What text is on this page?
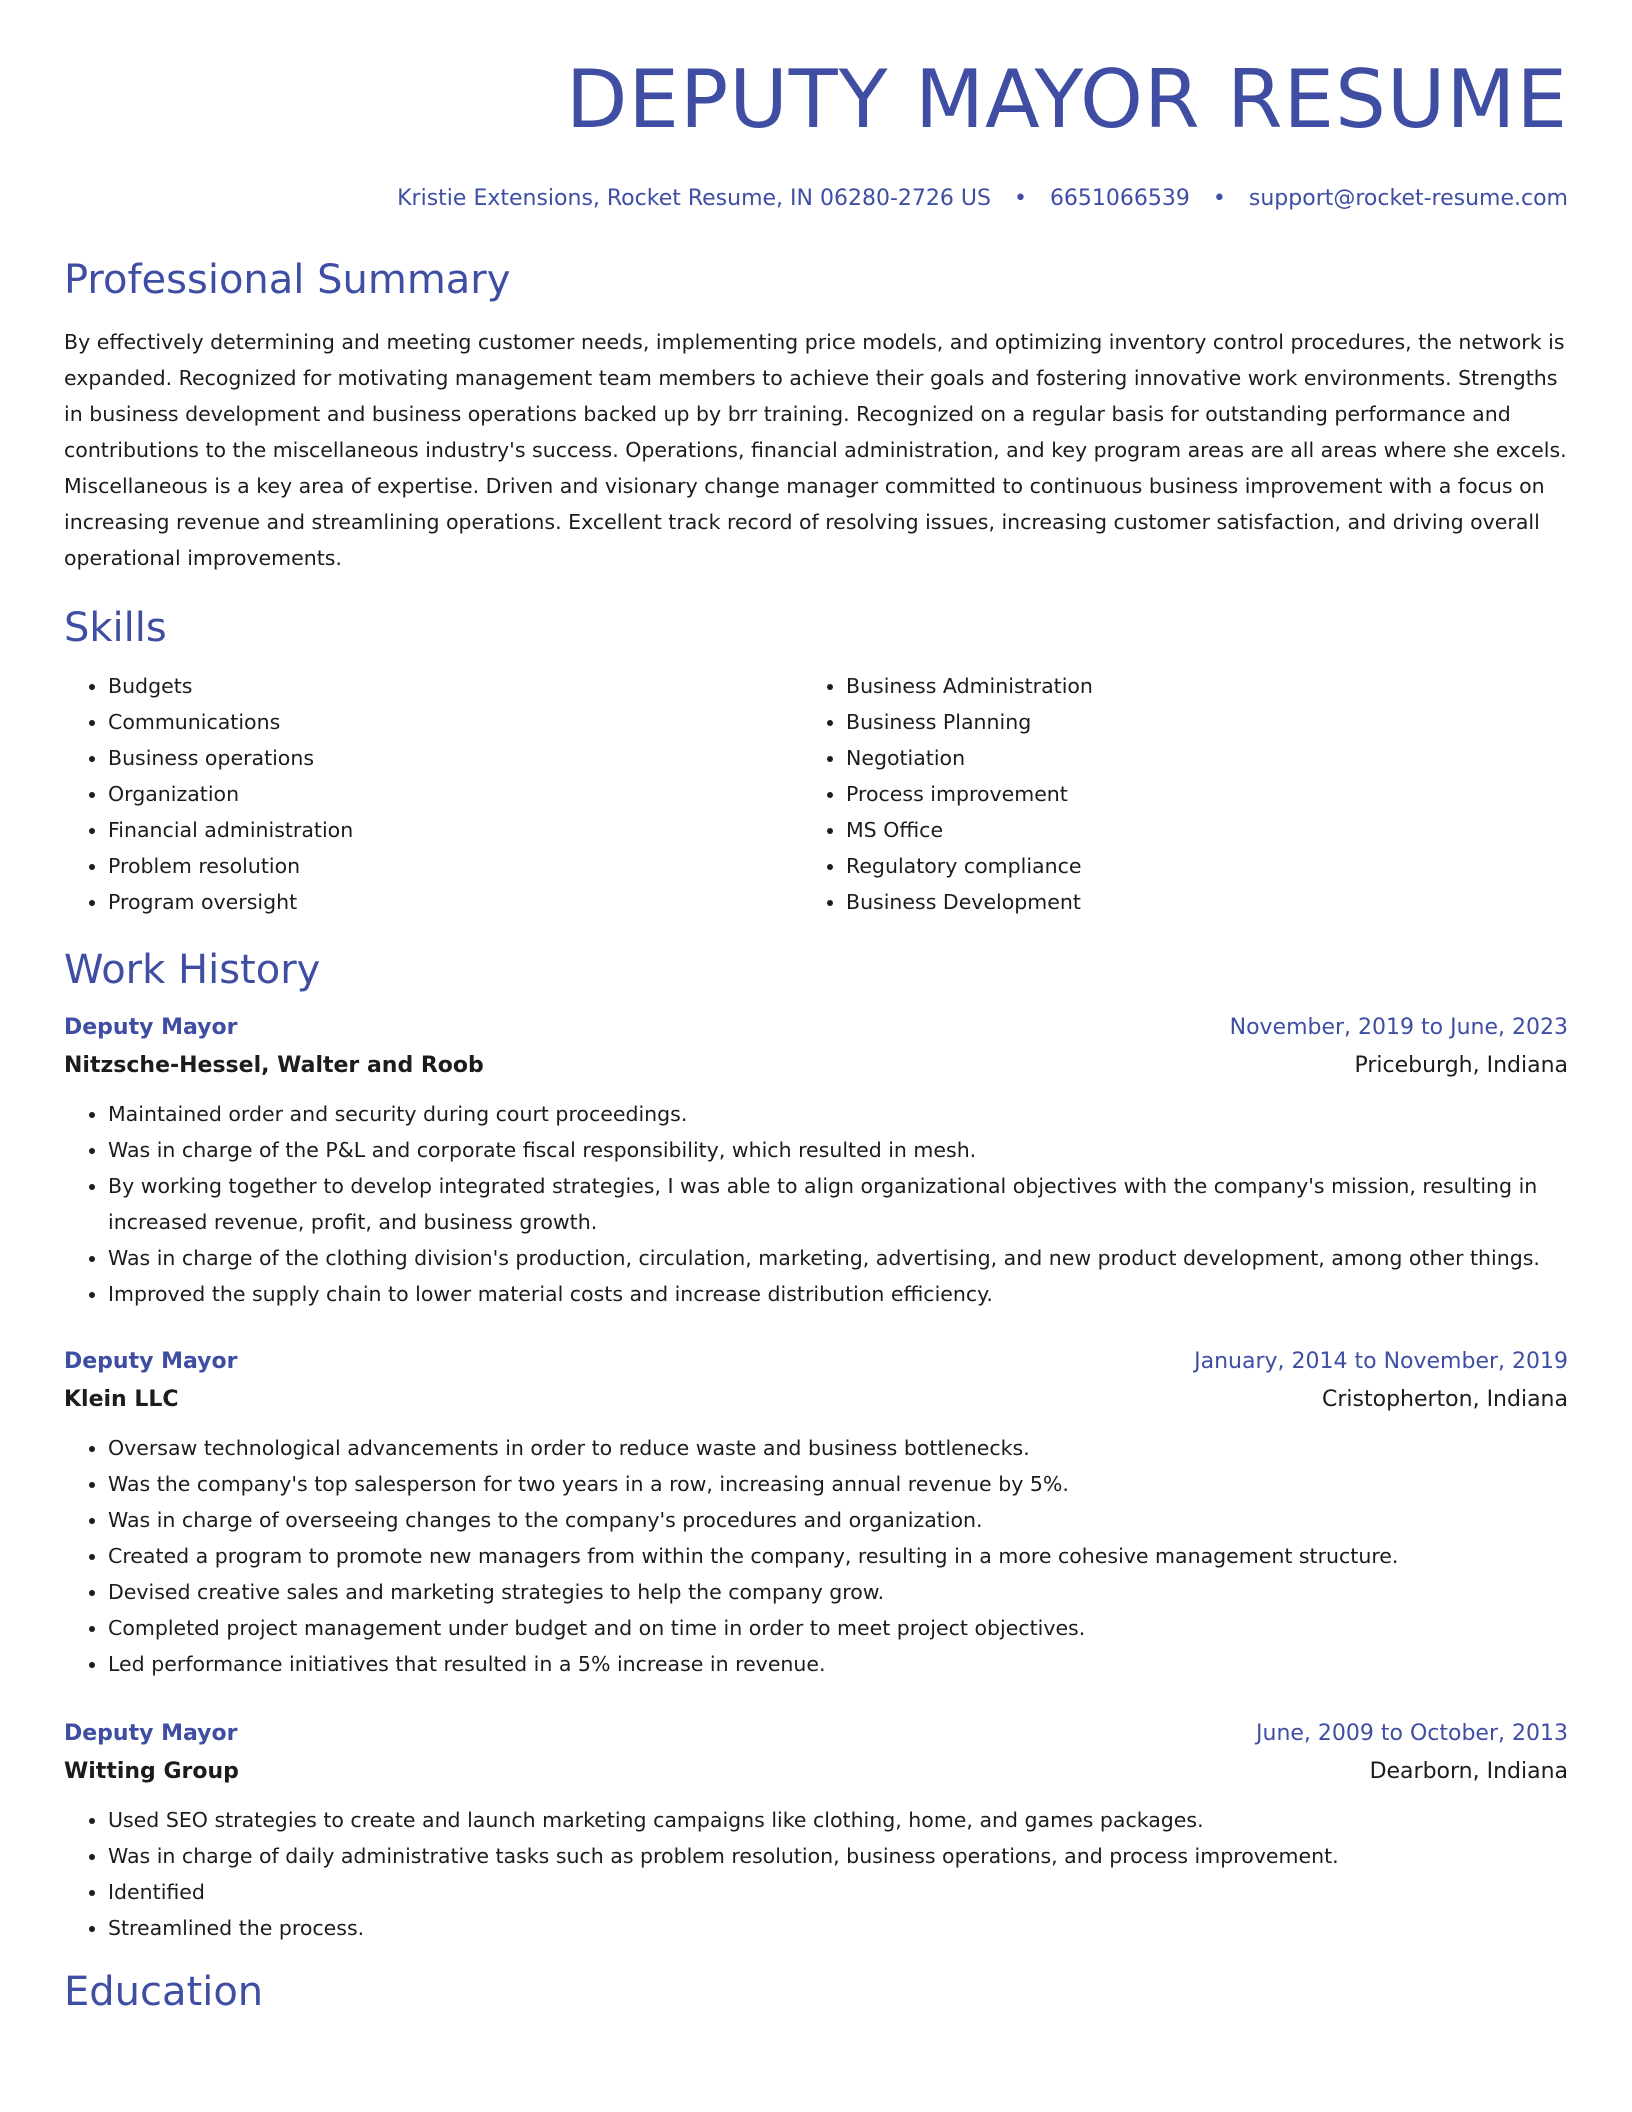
DEPUTY MAYOR RESUME
Kristie Extensions, Rocket Resume, IN 06280-2726 US • 6651066539 • support@rocket-resume.com
Professional Summary

By effectively determining and meeting customer needs, implementing price models, and optimizing inventory control procedures, the network is expanded. Recognized for motivating management team members to achieve their goals and fostering innovative work environments. Strengths in business development and business operations backed up by brr training. Recognized on a regular basis for outstanding performance and contributions to the miscellaneous industry's success. Operations, financial administration, and key program areas are all areas where she excels. Miscellaneous is a key area of expertise. Driven and visionary change manager committed to continuous business improvement with a focus on increasing revenue and streamlining operations. Excellent track record of resolving issues, increasing customer satisfaction, and driving overall operational improvements.

Skills
• Budgets
• Communications
• Business operations
• Organization
• Financial administration
• Problem resolution
• Program oversight
• Business Administration
• Business Planning
• Negotiation
• Process improvement
• MS Office
• Regulatory compliance
• Business Development
Work History
Deputy Mayor	November, 2019 to June, 2023
Nitzsche-Hessel, Walter and Roob	Priceburgh, Indiana
• Maintained order and security during court proceedings.
• Was in charge of the P&L and corporate fiscal responsibility, which resulted in mesh.
• By working together to develop integrated strategies, I was able to align organizational objectives with the company's mission, resulting in increased revenue, profit, and business growth.
• Was in charge of the clothing division's production, circulation, marketing, advertising, and new product development, among other things.
• Improved the supply chain to lower material costs and increase distribution efficiency.
Deputy Mayor	January, 2014 to November, 2019
Klein LLC	Cristopherton, Indiana
• Oversaw technological advancements in order to reduce waste and business bottlenecks.
• Was the company's top salesperson for two years in a row, increasing annual revenue by 5%.
• Was in charge of overseeing changes to the company's procedures and organization.
• Created a program to promote new managers from within the company, resulting in a more cohesive management structure.
• Devised creative sales and marketing strategies to help the company grow.
• Completed project management under budget and on time in order to meet project objectives.
• Led performance initiatives that resulted in a 5% increase in revenue.
Deputy Mayor	June, 2009 to October, 2013
Witting Group	Dearborn, Indiana
• Used SEO strategies to create and launch marketing campaigns like clothing, home, and games packages.
• Was in charge of daily administrative tasks such as problem resolution, business operations, and process improvement.
• Identified
• Streamlined the process.
Education
